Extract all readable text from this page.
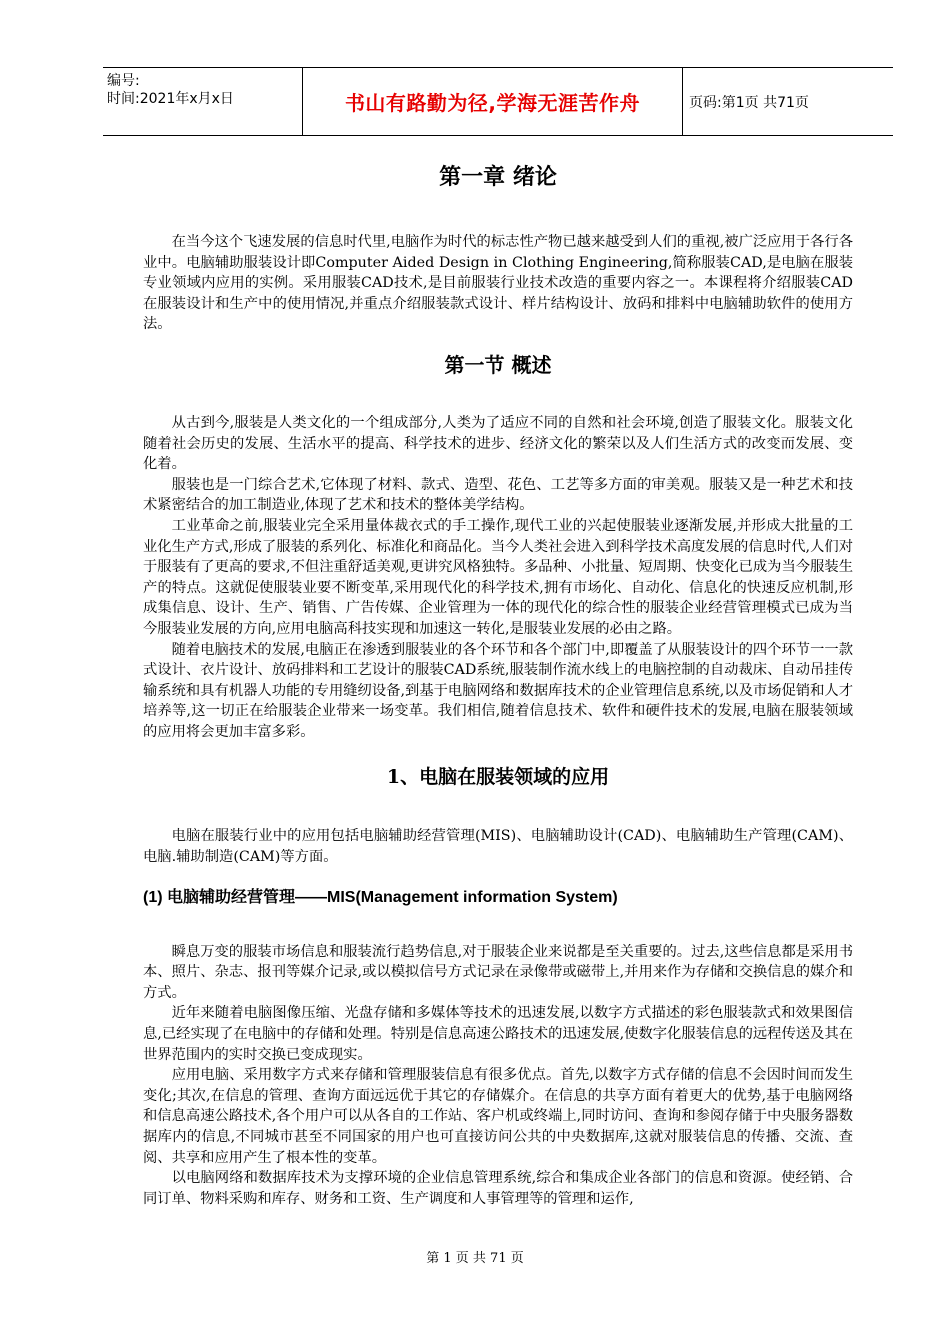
编号:
时间:2021年x月x日	书山有路勤为径,学海无涯苦作舟	页码:第1页 共71页
第一章 绪论

在当今这个飞速发展的信息时代里,电脑作为时代的标志性产物已越来越受到人们的重视,被广泛应用于各行各业中。电脑辅助服装设计即Computer Aided Design in Clothing Engineering,简称服装CAD,是电脑在服装专业领域内应用的实例。采用服装CAD技术,是目前服装行业技术改造的重要内容之一。本课程将介绍服装CAD在服装设计和生产中的使用情况,并重点介绍服装款式设计、样片结构设计、放码和排料中电脑辅助软件的使用方法。

第一节 概述

从古到今,服装是人类文化的一个组成部分,人类为了适应不同的自然和社会环境,创造了服装文化。服装文化随着社会历史的发展、生活水平的提高、科学技术的进步、经济文化的繁荣以及人们生活方式的改变而发展、变化着。

服装也是一门综合艺术,它体现了材料、款式、造型、花色、工艺等多方面的审美观。服装又是一种艺术和技术紧密结合的加工制造业,体现了艺术和技术的整体美学结构。

工业革命之前,服装业完全采用量体裁衣式的手工操作,现代工业的兴起使服装业逐渐发展,并形成大批量的工业化生产方式,形成了服装的系列化、标准化和商品化。当今人类社会进入到科学技术高度发展的信息时代,人们对于服装有了更高的要求,不但注重舒适美观,更讲究风格独特。多品种、小批量、短周期、快变化已成为当今服装生产的特点。这就促使服装业要不断变革,采用现代化的科学技术,拥有市场化、自动化、信息化的快速反应机制,形成集信息、设计、生产、销售、广告传媒、企业管理为一体的现代化的综合性的服装企业经营管理模式已成为当今服装业发展的方向,应用电脑高科技实现和加速这一转化,是服装业发展的必由之路。

随着电脑技术的发展,电脑正在渗透到服装业的各个环节和各个部门中,即覆盖了从服装设计的四个环节一一款式设计、衣片设计、放码排料和工艺设计的服装CAD系统,服装制作流水线上的电脑控制的自动裁床、自动吊挂传输系统和具有机器人功能的专用缝纫设备,到基于电脑网络和数据库技术的企业管理信息系统,以及市场促销和人才培养等,这一切正在给服装企业带来一场变革。我们相信,随着信息技术、软件和硬件技术的发展,电脑在服装领域的应用将会更加丰富多彩。

1、电脑在服装领域的应用

电脑在服装行业中的应用包括电脑辅助经营管理(MIS)、电脑辅助设计(CAD)、电脑辅助生产管理(CAM)、电脑.辅助制造(CAM)等方面。

(1) 电脑辅助经营管理——MIS(Management information System)

瞬息万变的服装市场信息和服装流行趋势信息,对于服装企业来说都是至关重要的。过去,这些信息都是采用书本、照片、杂志、报刊等媒介记录,或以模拟信号方式记录在录像带或磁带上,并用来作为存储和交换信息的媒介和方式。

近年来随着电脑图像压缩、光盘存储和多媒体等技术的迅速发展,以数字方式描述的彩色服装款式和效果图信息,已经实现了在电脑中的存储和处理。特别是信息高速公路技术的迅速发展,使数字化服装信息的远程传送及其在世界范围内的实时交换已变成现实。

应用电脑、采用数字方式来存储和管理服装信息有很多优点。首先,以数字方式存储的信息不会因时间而发生变化;其次,在信息的管理、查询方面远远优于其它的存储媒介。在信息的共享方面有着更大的优势,基于电脑网络和信息高速公路技术,各个用户可以从各自的工作站、客户机或终端上,同时访问、查询和参阅存储于中央服务器数据库内的信息,不同城市甚至不同国家的用户也可直接访问公共的中央数据库,这就对服装信息的传播、交流、查阅、共享和应用产生了根本性的变革。

以电脑网络和数据库技术为支撑环境的企业信息管理系统,综合和集成企业各部门的信息和资源。使经销、合同订单、物料采购和库存、财务和工资、生产调度和人事管理等的管理和运作,

第 1 页 共 71 页
